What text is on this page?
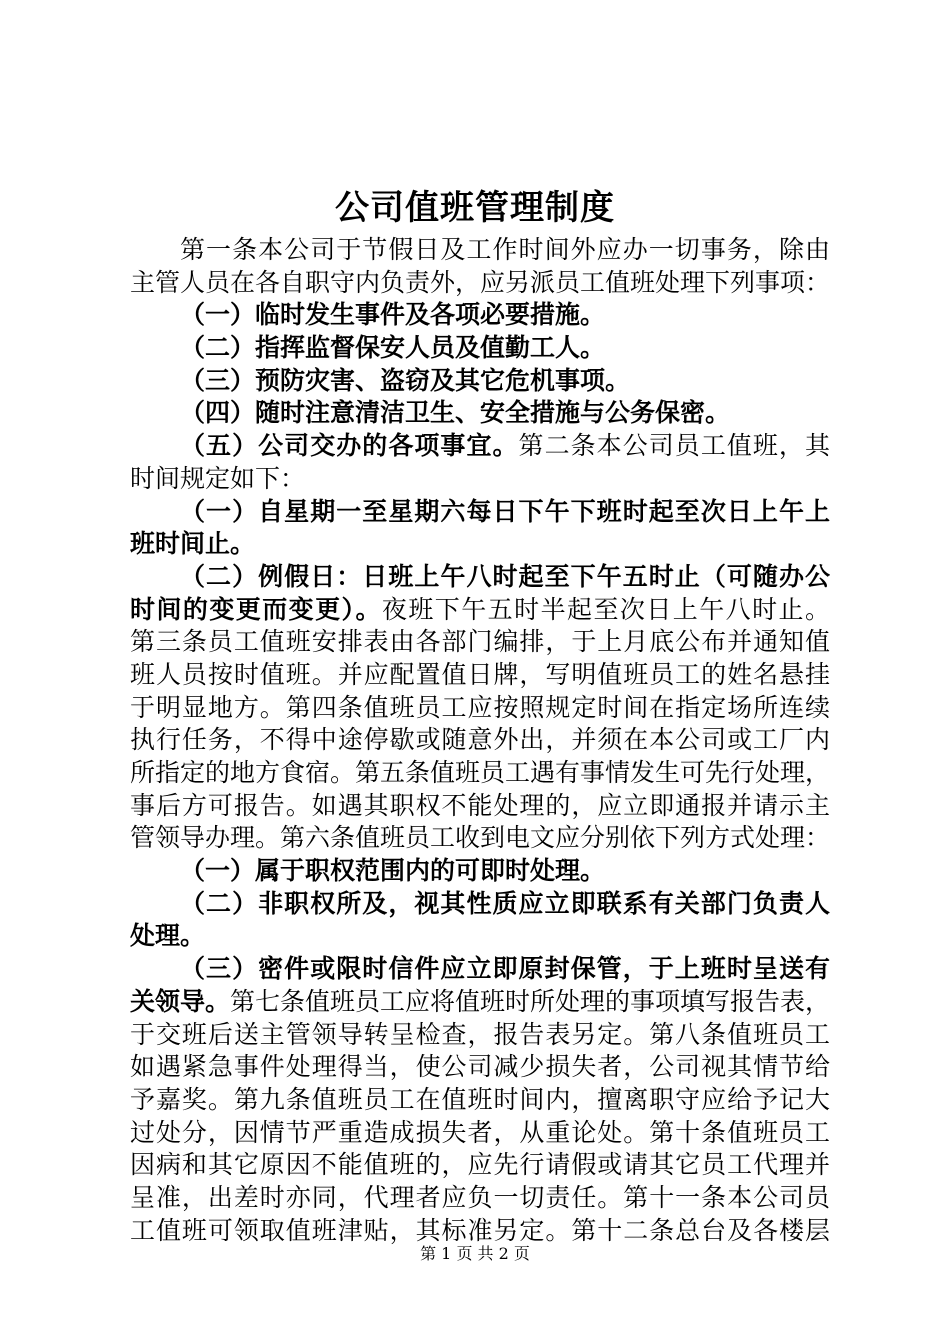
公司值班管理制度
第一条本公司于节假日及工作时间外应办一切事务，除由
主管人员在各自职守内负责外，应另派员工值班处理下列事项：
（一）临时发生事件及各项必要措施。
（二）指挥监督保安人员及值勤工人。
（三）预防灾害、盗窃及其它危机事项。
（四）随时注意清洁卫生、安全措施与公务保密。
（五）公司交办的各项事宜。第二条本公司员工值班，其
时间规定如下：
（一）自星期一至星期六每日下午下班时起至次日上午上
班时间止。
（二）例假日：日班上午八时起至下午五时止（可随办公
时间的变更而变更）。夜班下午五时半起至次日上午八时止。
第三条员工值班安排表由各部门编排，于上月底公布并通知值
班人员按时值班。并应配置值日牌，写明值班员工的姓名悬挂
于明显地方。第四条值班员工应按照规定时间在指定场所连续
执行任务，不得中途停歇或随意外出，并须在本公司或工厂内
所指定的地方食宿。第五条值班员工遇有事情发生可先行处理，
事后方可报告。如遇其职权不能处理的，应立即通报并请示主
管领导办理。第六条值班员工收到电文应分别依下列方式处理：
（一）属于职权范围内的可即时处理。
（二）非职权所及，视其性质应立即联系有关部门负责人
处理。
（三）密件或限时信件应立即原封保管，于上班时呈送有
关领导。第七条值班员工应将值班时所处理的事项填写报告表，
于交班后送主管领导转呈检查，报告表另定。第八条值班员工
如遇紧急事件处理得当，使公司减少损失者，公司视其情节给
予嘉奖。第九条值班员工在值班时间内，擅离职守应给予记大
过处分，因情节严重造成损失者，从重论处。第十条值班员工
因病和其它原因不能值班的，应先行请假或请其它员工代理并
呈准，出差时亦同，代理者应负一切责任。第十一条本公司员
工值班可领取值班津贴，其标准另定。第十二条总台及各楼层
第 1 页 共 2 页
